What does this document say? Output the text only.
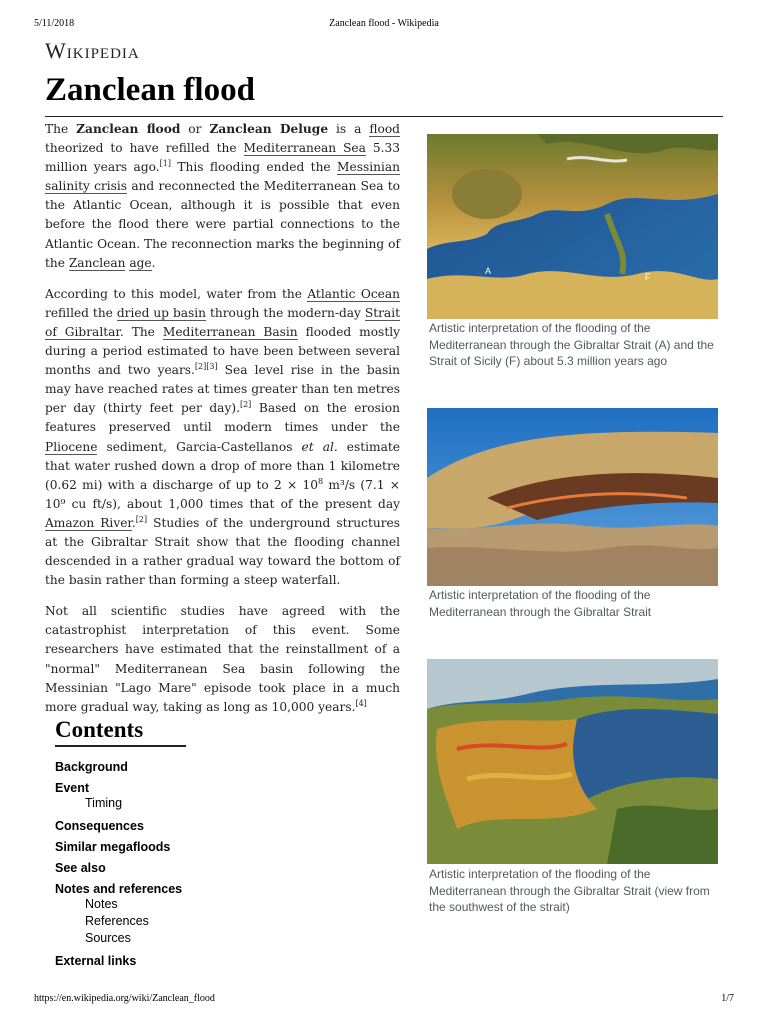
5/11/2018	Zanclean flood - Wikipedia
Wikipedia
Zanclean flood

The Zanclean flood or Zanclean Deluge is a flood theorized to have refilled the Mediterranean Sea 5.33 million years ago.[1] This flooding ended the Messinian salinity crisis and reconnected the Mediterranean Sea to the Atlantic Ocean, although it is possible that even before the flood there were partial connections to the Atlantic Ocean. The reconnection marks the beginning of the Zanclean age.

According to this model, water from the Atlantic Ocean refilled the dried up basin through the modern-day Strait of Gibraltar. The Mediterranean Basin flooded mostly during a period estimated to have been between several months and two years.[2][3] Sea level rise in the basin may have reached rates at times greater than ten metres per day (thirty feet per day).[2] Based on the erosion features preserved until modern times under the Pliocene sediment, Garcia-Castellanos et al. estimate that water rushed down a drop of more than 1 kilometre (0.62 mi) with a discharge of up to $2 \times 10^8$ m³/s (7.1 × 10⁹ cu ft/s), about 1,000 times that of the present day Amazon River.[2] Studies of the underground structures at the Gibraltar Strait show that the flooding channel descended in a rather gradual way toward the bottom of the basin rather than forming a steep waterfall.

Not all scientific studies have agreed with the catastrophist interpretation of this event. Some researchers have estimated that the reinstallment of a "normal" Mediterranean Sea basin following the Messinian "Lago Mare" episode took place in a much more gradual way, taking as long as 10,000 years.[4]

A
F
Artistic interpretation of the flooding of the Mediterranean through the Gibraltar Strait (A) and the Strait of Sicily (F) about 5.3 million years ago
Artistic interpretation of the flooding of the Mediterranean through the Gibraltar Strait
Artistic interpretation of the flooding of the Mediterranean through the Gibraltar Strait (view from the southwest of the strait)
Contents
Background
Event
Timing
Consequences
Similar megafloods
See also
Notes and references
Notes
References
Sources
External links
https://en.wikipedia.org/wiki/Zanclean_flood	1/7
